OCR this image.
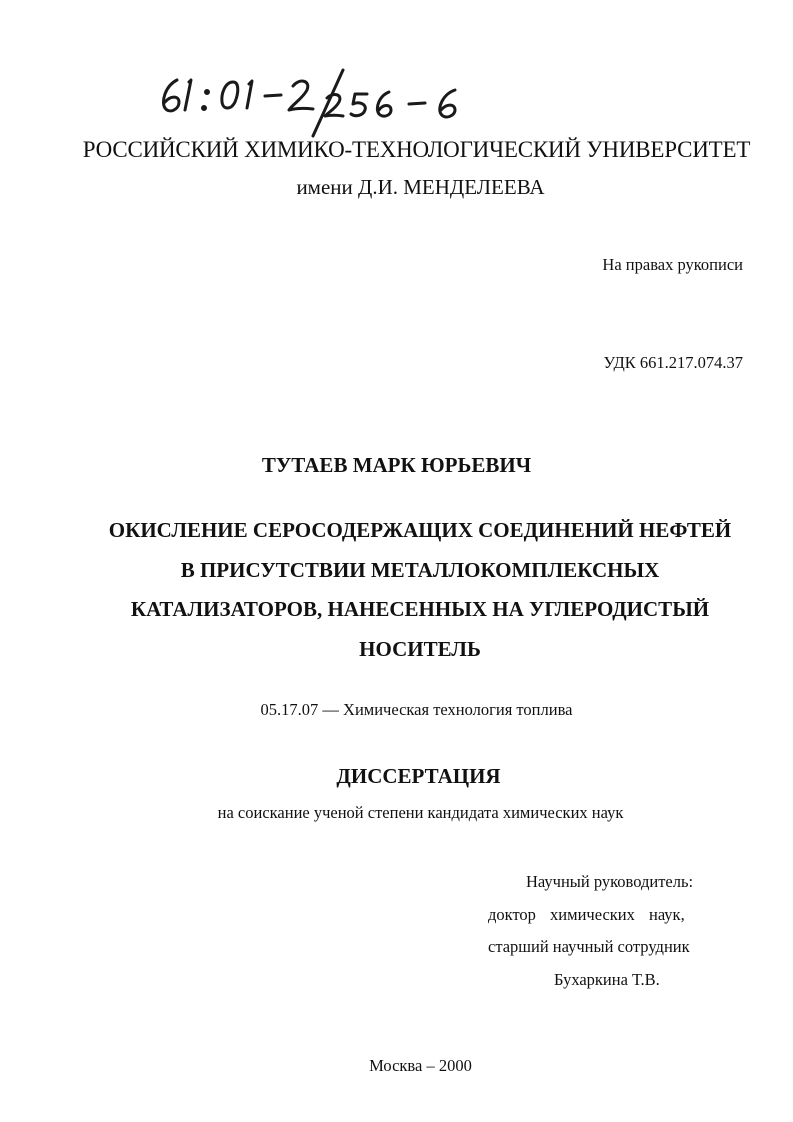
РОССИЙСКИЙ ХИМИКО-ТЕХНОЛОГИЧЕСКИЙ УНИВЕРСИТЕТ
имени Д.И. МЕНДЕЛЕЕВА
На правах рукописи
УДК 661.217.074.37
ТУТАЕВ МАРК ЮРЬЕВИЧ
ОКИСЛЕНИЕ СЕРОСОДЕРЖАЩИХ СОЕДИНЕНИЙ НЕФТЕЙ
В ПРИСУТСТВИИ МЕТАЛЛОКОМПЛЕКСНЫХ
КАТАЛИЗАТОРОВ, НАНЕСЕННЫХ НА УГЛЕРОДИСТЫЙ
НОСИТЕЛЬ
05.17.07 — Химическая технология топлива
ДИССЕРТАЦИЯ
на соискание ученой степени кандидата химических наук
Научный руководитель:
доктор химических наук,
старший научный сотрудник
Бухаркина Т.В.
Москва – 2000
